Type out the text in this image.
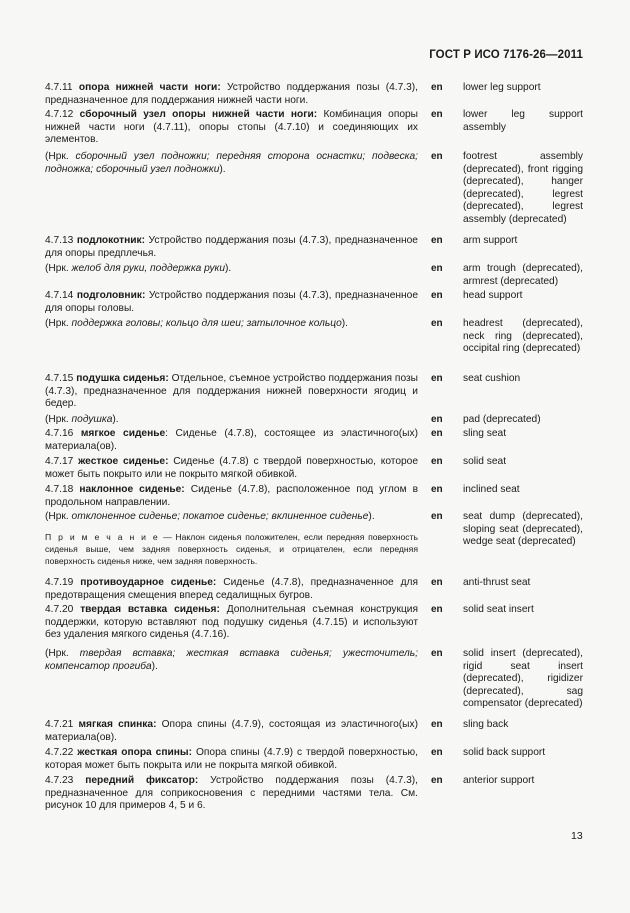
ГОСТ Р ИСО 7176-26—2011
4.7.11 опора нижней части ноги: Устройство поддержания позы (4.7.3), предназначенное для поддержания нижней части ноги.
en lower leg support
4.7.12 сборочный узел опоры нижней части ноги: Комбинация опоры нижней части ноги (4.7.11), опоры стопы (4.7.10) и соединяющих их элементов.
en lower leg support assembly
(Нрк. сборочный узел подножки; передняя сторона оснастки; подвеска; подножка; сборочный узел подножки).
en footrest assembly (deprecated), front rigging (deprecated), hanger (deprecated), legrest (deprecated), legrest assembly (deprecated)
4.7.13 подлокотник: Устройство поддержания позы (4.7.3), предназначенное для опоры предплечья.
en arm support
(Нрк. желоб для руки, поддержка руки).	en arm trough (deprecated), armrest (deprecated)
4.7.14 подголовник: Устройство поддержания позы (4.7.3), предназначенное для опоры головы.
en head support
(Нрк. поддержка головы; кольцо для шеи; затылочное кольцо).	en headrest (deprecated), neck ring (deprecated), occipital ring (deprecated)
4.7.15 подушка сиденья: Отдельное, съемное устройство поддержания позы (4.7.3), предназначенное для поддержания нижней поверхности ягодиц и бедер.
en seat cushion
(Нрк. подушка).	en pad (deprecated)
4.7.16 мягкое сиденье: Сиденье (4.7.8), состоящее из эластичного(ых) материала(ов).
en sling seat
4.7.17 жесткое сиденье: Сиденье (4.7.8) с твердой поверхностью, которое может быть покрыто или не покрыто мягкой обивкой.
en solid seat
4.7.18 наклонное сиденье: Сиденье (4.7.8), расположенное под углом в продольном направлении.
en inclined seat
(Нрк. отклоненное сиденье; покатое сиденье; вклиненное сиденье).	en seat dump (deprecated), sloping seat (deprecated), wedge seat (deprecated)
4.7.19 противоударное сиденье: Сиденье (4.7.8), предназначенное для предотвращения смещения вперед седалищных бугров.
en anti-thrust seat
4.7.20 твердая вставка сиденья: Дополнительная съемная конструкция поддержки, которую вставляют под подушку сиденья (4.7.15) и используют без удаления мягкого сиденья (4.7.16).
en solid seat insert
(Нрк. твердая вставка; жесткая вставка сиденья; ужесточитель; компенсатор прогиба).
en solid insert (deprecated), rigid seat insert (deprecated), rigidizer (deprecated), sag compensator (deprecated)
4.7.21 мягкая спинка: Опора спины (4.7.9), состоящая из эластичного(ых) материала(ов).
en sling back
4.7.22 жесткая опора спины: Опора спины (4.7.9) с твердой поверхностью, которая может быть покрыта или не покрыта мягкой обивкой.
en solid back support
4.7.23 передний фиксатор: Устройство поддержания позы (4.7.3), предназначенное для соприкосновения с передними частями тела. См. рисунок 10 для примеров 4, 5 и 6.
en anterior support
П р и м е ч а н и е — Наклон сиденья положителен, если передняя поверхность сиденья выше, чем задняя поверхность сиденья, и отрицателен, если передняя поверхность сиденья ниже, чем задняя поверхность.
13
